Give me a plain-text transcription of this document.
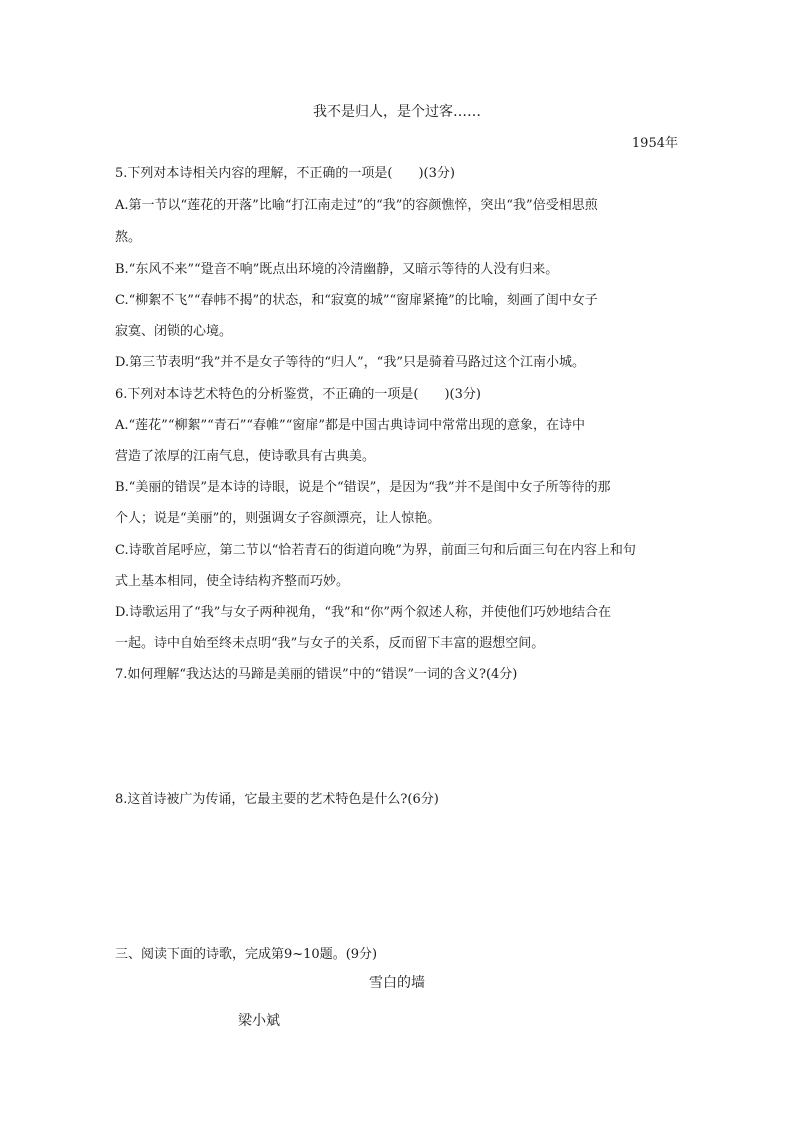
我不是归人，是个过客……
1954年
5.下列对本诗相关内容的理解，不正确的一项是(　　)(3分)
A.第一节以“莲花的开落”比喻“打江南走过”的“我”的容颜憔悴，突出“我”倍受相思煎
熬。
B.“东风不来”“跫音不响”既点出环境的冷清幽静，又暗示等待的人没有归来。
C.“柳絮不飞”“春帏不揭”的状态，和“寂寞的城”“窗扉紧掩”的比喻，刻画了闺中女子
寂寞、闭锁的心境。
D.第三节表明“我”并不是女子等待的“归人”，“我”只是骑着马路过这个江南小城。
6.下列对本诗艺术特色的分析鉴赏，不正确的一项是(　　)(3分)
A.“莲花”“柳絮”“青石”“春帷”“窗扉”都是中国古典诗词中常常出现的意象，在诗中
营造了浓厚的江南气息，使诗歌具有古典美。
B.“美丽的错误”是本诗的诗眼，说是个“错误”，是因为“我”并不是闺中女子所等待的那
个人；说是“美丽”的，则强调女子容颜漂亮，让人惊艳。
C.诗歌首尾呼应，第二节以“恰若青石的街道向晚”为界，前面三句和后面三句在内容上和句
式上基本相同，使全诗结构齐整而巧妙。
D.诗歌运用了“我”与女子两种视角，“我”和“你”两个叙述人称，并使他们巧妙地结合在
一起。诗中自始至终未点明“我”与女子的关系，反而留下丰富的遐想空间。
7.如何理解“我达达的马蹄是美丽的错误”中的“错误”一词的含义?(4分)
8.这首诗被广为传诵，它最主要的艺术特色是什么?(6分)
三、阅读下面的诗歌，完成第9~10题。(9分)
雪白的墙
梁小斌
